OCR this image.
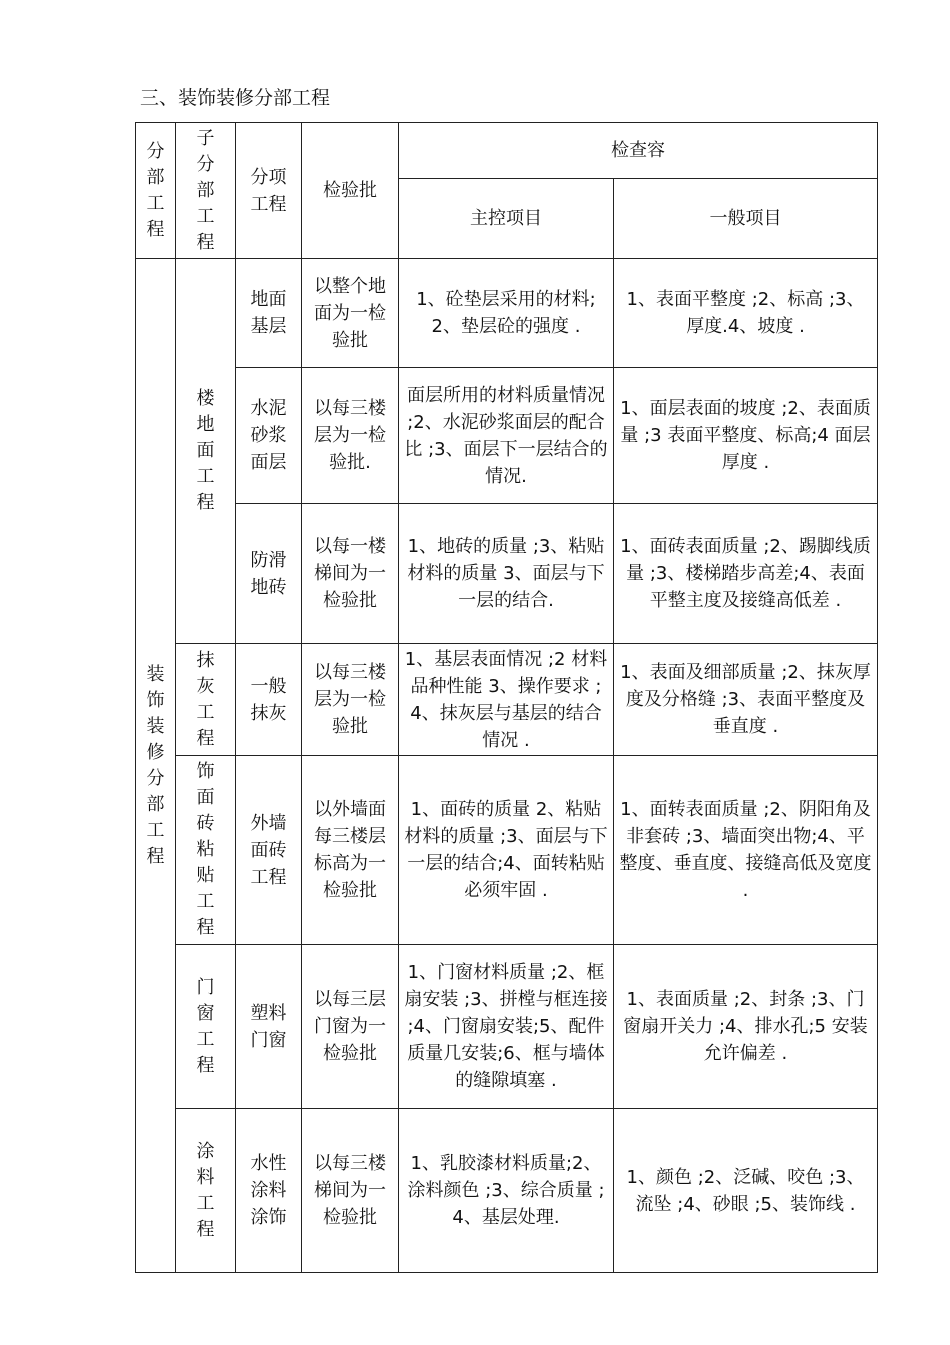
三、装饰装修分部工程
分部工程	子分部工程	分项工程	检验批	检查容	
				主控项目	一般项目

装饰装修分部工程	楼地面工程	地面基层	以整个地面为一检验批	1、砼垫层采用的材料;2、垫层砼的强度 .	1、表面平整度 ;2、标高 ;3、厚度.4、坡度 .

		水泥砂浆面层	以每三楼层为一检验批.	面层所用的材料质量情况 ;2、水泥砂浆面层的配合比 ;3、面层下一层结合的情况.	1、面层表面的坡度 ;2、表面质量 ;3 表面平整度、标高;4 面层厚度 .

		防滑地砖	以每一楼梯间为一检验批	1、地砖的质量 ;3、粘贴材料的质量 3、面层与下一层的结合.	1、面砖表面质量 ;2、踢脚线质量 ;3、楼梯踏步高差;4、表面平整主度及接缝高低差 .

	抹灰工程	一般抹灰	以每三楼层为一检验批	1、基层表面情况 ;2 材料品种性能 3、操作要求 ;4、抹灰层与基层的结合情况 .	1、表面及细部质量 ;2、抹灰厚度及分格缝 ;3、表面平整度及垂直度 .

	饰面砖粘贴工程	外墙面砖工程	以外墙面每三楼层标高为一检验批	1、面砖的质量 2、粘贴材料的质量 ;3、面层与下一层的结合;4、面转粘贴必须牢固 .	1、面转表面质量 ;2、阴阳角及非套砖 ;3、墙面突出物;4、平整度、垂直度、接缝高低及宽度 .

	门窗工程	塑料门窗	以每三层门窗为一检验批	1、门窗材料质量 ;2、框扇安装 ;3、拼樘与框连接 ;4、门窗扇安装;5、配件质量几安装;6、框与墙体的缝隙填塞 .	1、表面质量 ;2、封条 ;3、门窗扇开关力 ;4、排水孔;5 安装允许偏差 .

	涂料工程	水性涂料涂饰	以每三楼梯间为一检验批	1、乳胶漆材料质量;2、涂料颜色 ;3、综合质量 ;4、基层处理.	1、颜色 ;2、泛碱、咬色 ;3、流坠 ;4、砂眼 ;5、装饰线 .
